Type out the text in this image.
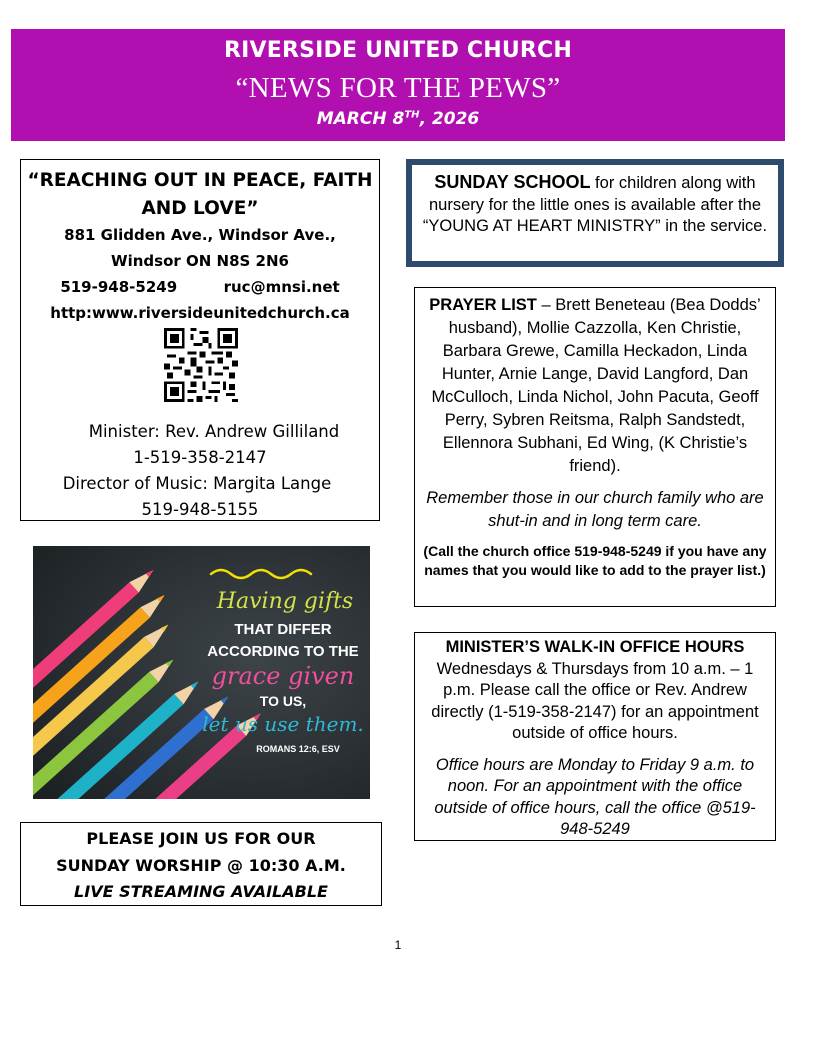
RIVERSIDE UNITED CHURCH
“NEWS FOR THE PEWS”
MARCH 8TH, 2026
“REACHING OUT IN PEACE, FAITH AND LOVE”
881 Glidden Ave., Windsor Ave.,
Windsor ON N8S 2N6
519-948-5249	ruc@mnsi.net
http:www.riversideunitedchurch.ca
Minister: Rev. Andrew Gilliland
1-519-358-2147
Director of Music: Margita Lange
519-948-5155
SUNDAY SCHOOL for children along with nursery for the little ones is available after the “YOUNG AT HEART MINISTRY” in the service.
PRAYER LIST – Brett Beneteau (Bea Dodds’ husband), Mollie Cazzolla, Ken Christie, Barbara Grewe, Camilla Heckadon, Linda Hunter, Arnie Lange, David Langford, Dan McCulloch, Linda Nichol, John Pacuta, Geoff Perry, Sybren Reitsma, Ralph Sandstedt, Ellennora Subhani, Ed Wing, (K Christie’s friend).
Remember those in our church family who are shut-in and in long term care.
(Call the church office 519-948-5249 if you have any names that you would like to add to the prayer list.)
MINISTER’S WALK-IN OFFICE HOURS
Wednesdays & Thursdays from 10 a.m. – 1 p.m. Please call the office or Rev. Andrew directly (1-519-358-2147) for an appointment outside of office hours.
Office hours are Monday to Friday 9 a.m. to noon. For an appointment with the office outside of office hours, call the office @519-948-5249
Having gifts
THAT DIFFER
ACCORDING TO THE
grace given
TO US,
let us use them.
ROMANS 12:6, ESV
PLEASE JOIN US FOR OUR
SUNDAY WORSHIP @ 10:30 A.M.
LIVE STREAMING AVAILABLE
1
